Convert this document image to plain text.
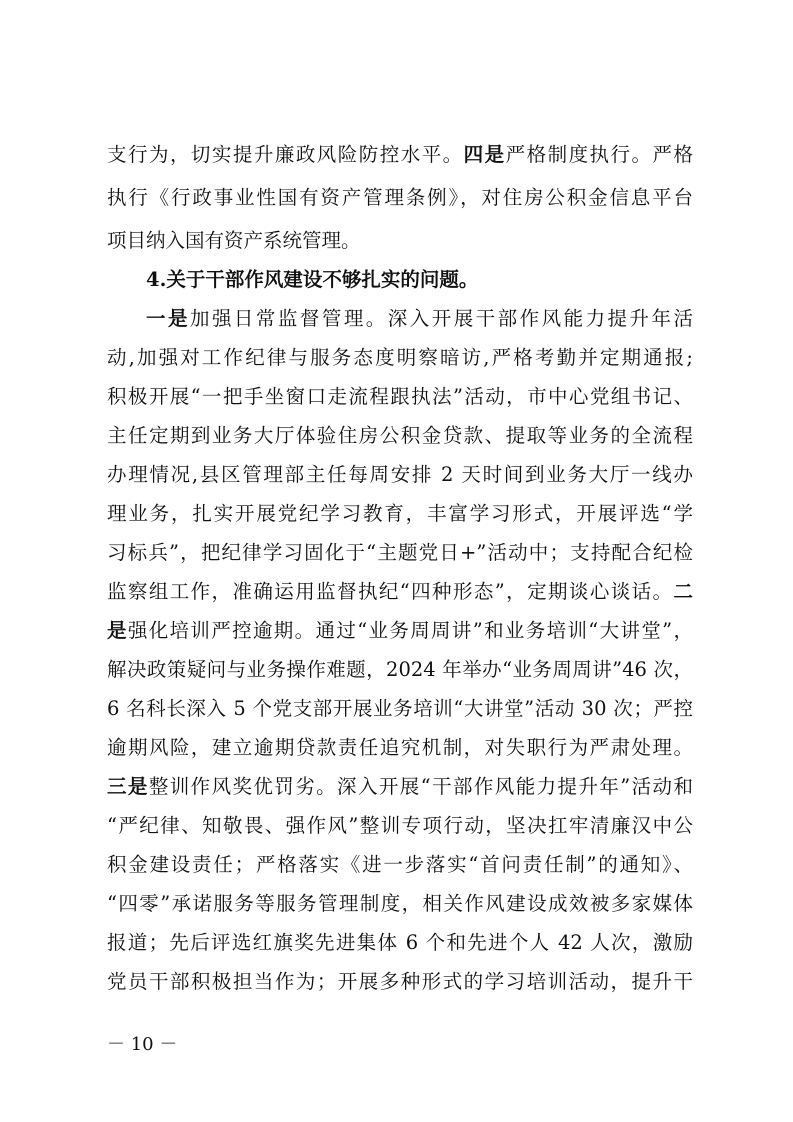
支行为，切实提升廉政风险防控水平。四是严格制度执行。严格
执行《行政事业性国有资产管理条例》，对住房公积金信息平台
项目纳入国有资产系统管理。
4.关于干部作风建设不够扎实的问题。
一是加强日常监督管理。深入开展干部作风能力提升年活
动,加强对工作纪律与服务态度明察暗访,严格考勤并定期通报;
积极开展“一把手坐窗口走流程跟执法”活动，市中心党组书记、
主任定期到业务大厅体验住房公积金贷款、提取等业务的全流程
办理情况,县区管理部主任每周安排 2 天时间到业务大厅一线办
理业务，扎实开展党纪学习教育，丰富学习形式，开展评选“学
习标兵”，把纪律学习固化于“主题党日+”活动中；支持配合纪检
监察组工作，准确运用监督执纪“四种形态”，定期谈心谈话。二
是强化培训严控逾期。通过“业务周周讲”和业务培训“大讲堂”，
解决政策疑问与业务操作难题，2024 年举办“业务周周讲”46 次，
6 名科长深入 5 个党支部开展业务培训“大讲堂”活动 30 次；严控
逾期风险，建立逾期贷款责任追究机制，对失职行为严肃处理。
三是整训作风奖优罚劣。深入开展“干部作风能力提升年”活动和
“严纪律、知敬畏、强作风”整训专项行动，坚决扛牢清廉汉中公
积金建设责任；严格落实《进一步落实“首问责任制”的通知》、
“四零”承诺服务等服务管理制度，相关作风建设成效被多家媒体
报道；先后评选红旗奖先进集体 6 个和先进个人 42 人次，激励
党员干部积极担当作为；开展多种形式的学习培训活动，提升干
－ 10 －
